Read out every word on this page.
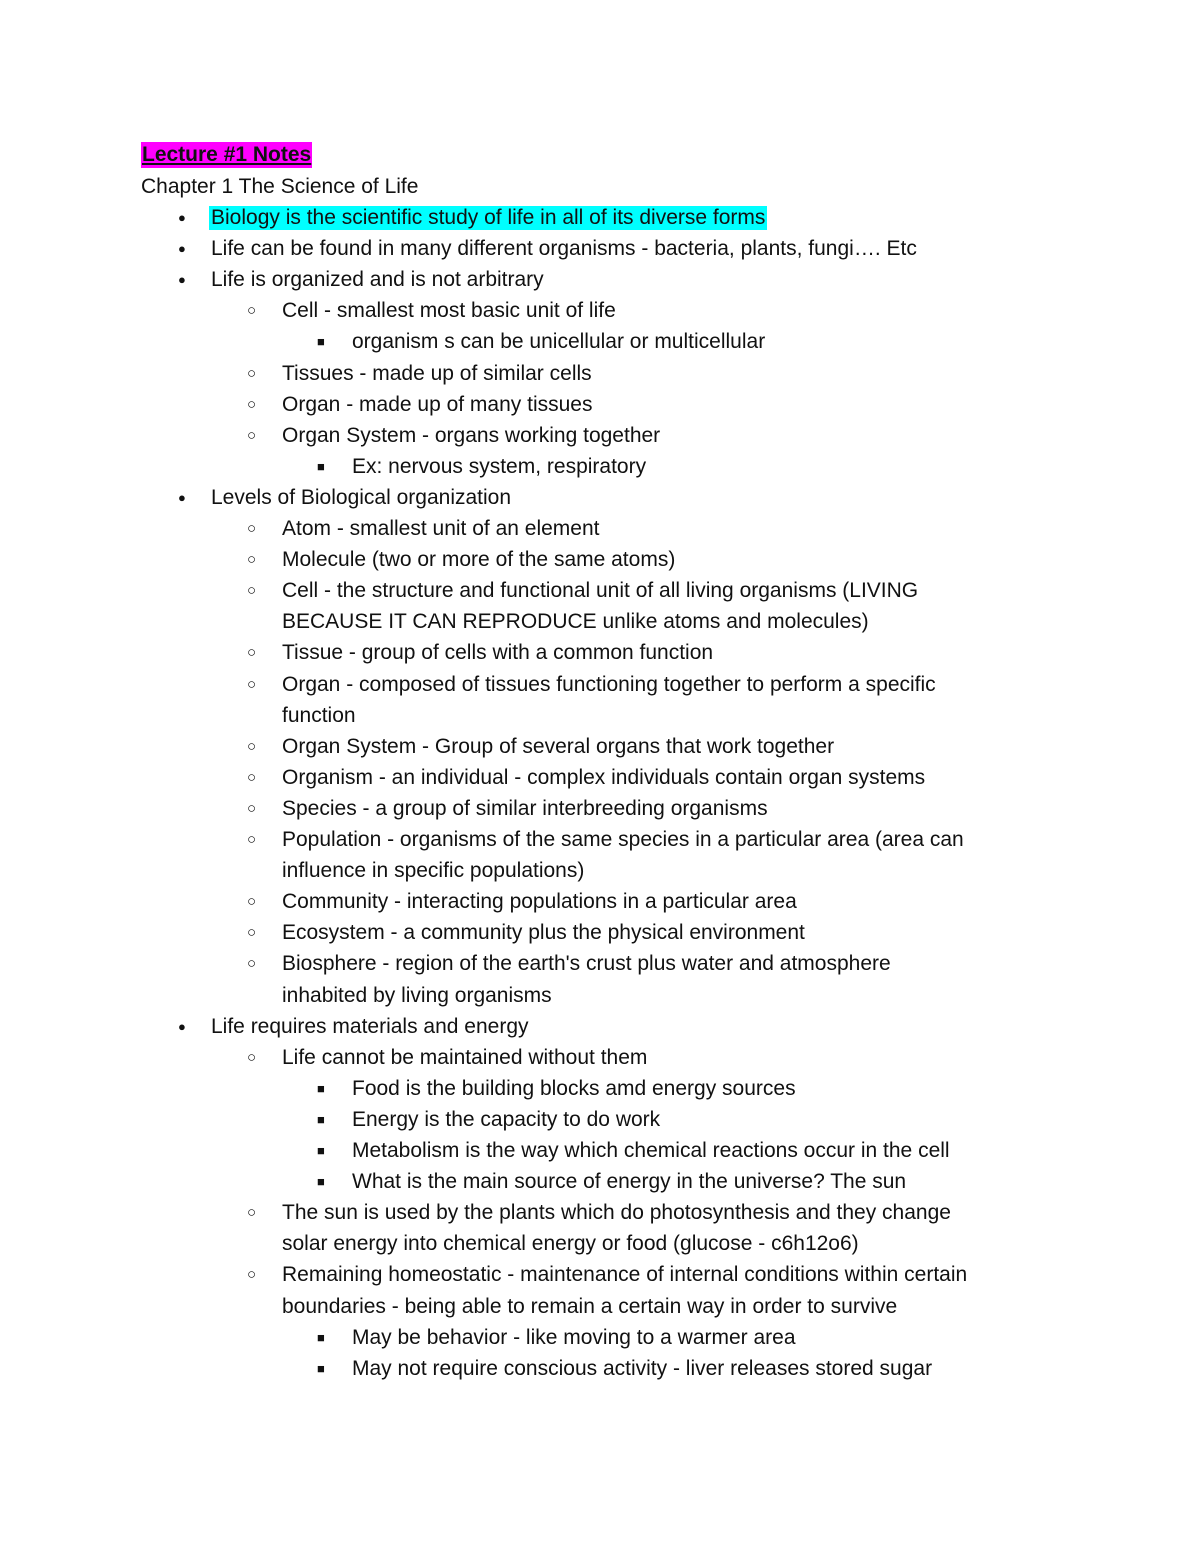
Lecture #1 Notes
Chapter 1 The Science of Life
● Biology is the scientific study of life in all of its diverse forms
● Life can be found in many different organisms - bacteria, plants, fungi…. Etc
● Life is organized and is not arbitrary
○ Cell - smallest most basic unit of life
■ organism s can be unicellular or multicellular
○ Tissues - made up of similar cells
○ Organ - made up of many tissues
○ Organ System - organs working together
■ Ex: nervous system, respiratory
● Levels of Biological organization
○ Atom - smallest unit of an element
○ Molecule (two or more of the same atoms)
○ Cell - the structure and functional unit of all living organisms (LIVING
BECAUSE IT CAN REPRODUCE unlike atoms and molecules)
○ Tissue - group of cells with a common function
○ Organ - composed of tissues functioning together to perform a specific
function
○ Organ System - Group of several organs that work together
○ Organism - an individual - complex individuals contain organ systems
○ Species - a group of similar interbreeding organisms
○ Population - organisms of the same species in a particular area (area can
influence in specific populations)
○ Community - interacting populations in a particular area
○ Ecosystem - a community plus the physical environment
○ Biosphere - region of the earth's crust plus water and atmosphere
inhabited by living organisms
● Life requires materials and energy
○ Life cannot be maintained without them
■ Food is the building blocks amd energy sources
■ Energy is the capacity to do work
■ Metabolism is the way which chemical reactions occur in the cell
■ What is the main source of energy in the universe? The sun
○ The sun is used by the plants which do photosynthesis and they change
solar energy into chemical energy or food (glucose - c6h12o6)
○ Remaining homeostatic - maintenance of internal conditions within certain
boundaries - being able to remain a certain way in order to survive
■ May be behavior - like moving to a warmer area
■ May not require conscious activity - liver releases stored sugar
